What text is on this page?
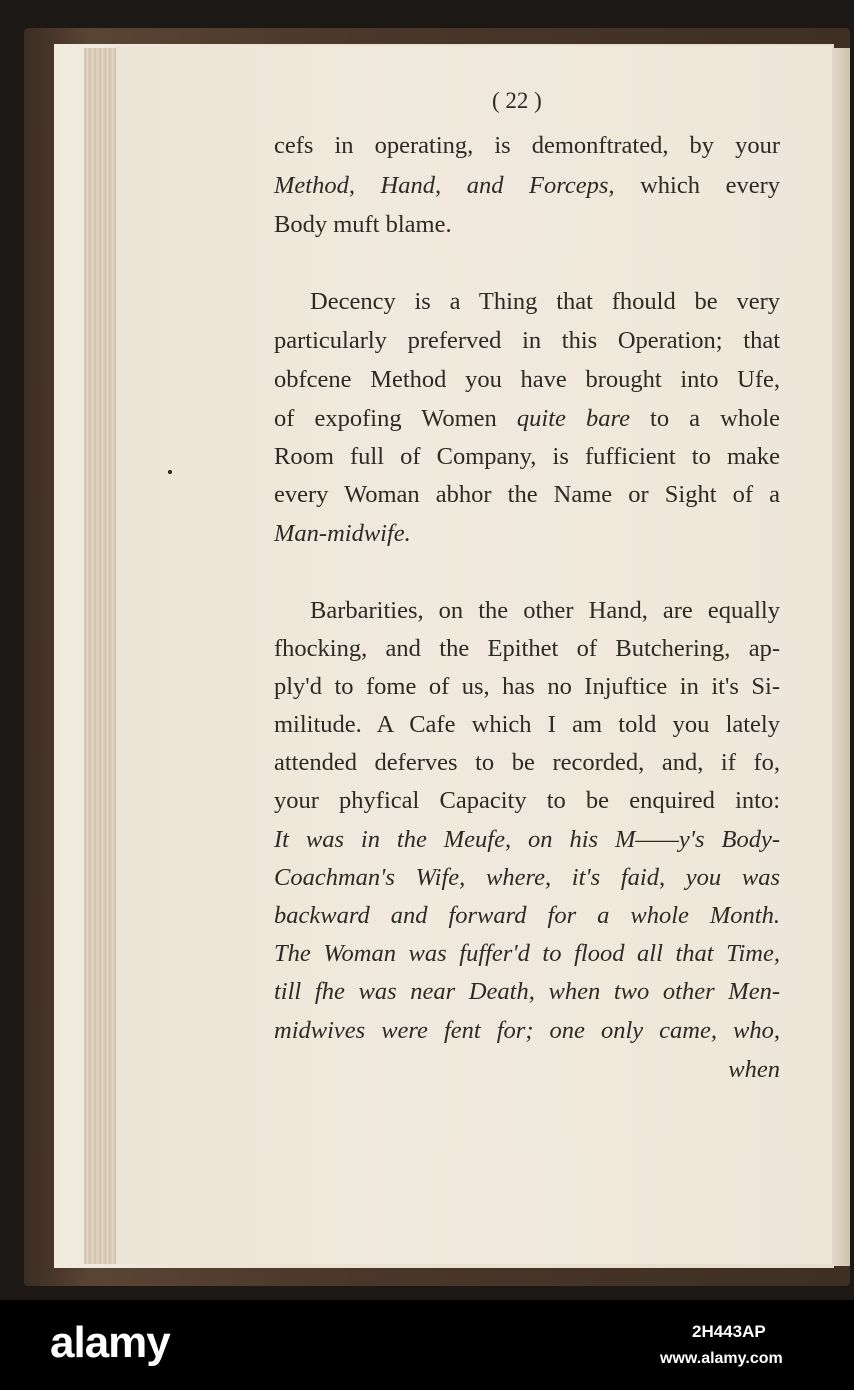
( 22 )
cefs in operating, is demonftrated, by your
Method, Hand, and Forceps, which every
Body muft blame.
Decency is a Thing that fhould be very
particularly preferved in this Operation; that
obfcene Method you have brought into Ufe,
of expofing Women quite bare to a whole
Room full of Company, is fufficient to make
every Woman abhor the Name or Sight of a
Man-midwife.
Barbarities, on the other Hand, are equally
fhocking, and the Epithet of Butchering, ap-
ply'd to fome of us, has no Injuftice in it's Si-
militude. A Cafe which I am told you lately
attended deferves to be recorded, and, if fo,
your phyfical Capacity to be enquired into:
It was in the Meufe, on his M——y's Body-
Coachman's Wife, where, it's faid, you was
backward and forward for a whole Month.
The Woman was fuffer'd to flood all that Time,
till fhe was near Death, when two other Men-
midwives were fent for; one only came, who,
when
alamy	2H443AP
www.alamy.com
